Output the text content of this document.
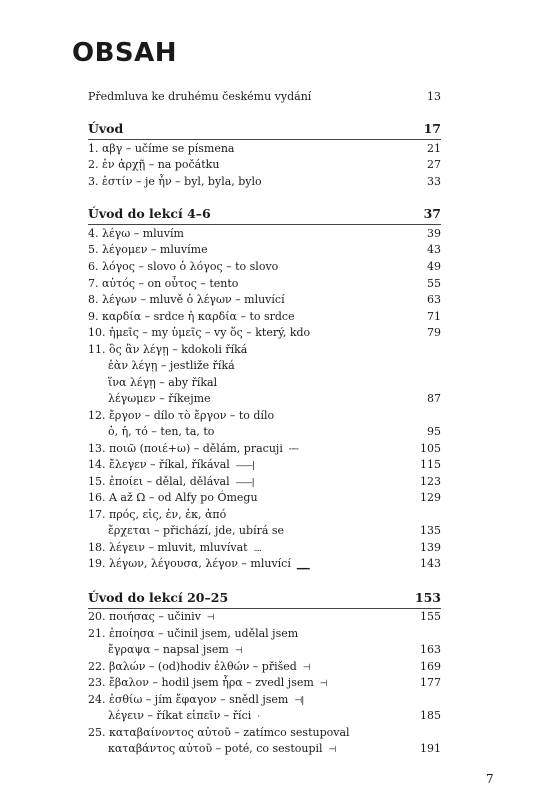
OBSAH
Předmluva ke druhému českému vydání	13
Úvod	17
1. αβγ – učíme se písmena	21
2. ἐν ἀρχῇ – na počátku	27
3. ἐστίν – je ἦν – byl, byla, bylo	33
Úvod do lekcí 4–6	37
4. λέγω – mluvím	39
5. λέγομεν – mluvíme	43
6. λόγος – slovo ὁ λόγος – to slovo	49
7. αὐτός – on οὗτος – tento	55
8. λέγων – mluvě ὁ λέγων – mluvící	63
9. καρδία – srdce ἡ καρδία – to srdce	71
10. ἡμεῖς – my ὑμεῖς – vy ὅς – který, kdo	79
11. ὃς ἂν λέγῃ – kdokoli říká
ἐὰν λέγῃ – jestliže říká
ἵνα λέγῃ – aby říkal
λέγωμεν – říkejme	87
12. ἔργον – dílo τὸ ἔργον – to dílo
ὁ, ἡ, τό – ten, ta, to	95
13. ποιῶ (ποιέ+ω) – dělám, pracuji ╌╌	105
14. ἔλεγεν – říkal, říkával ——|	115
15. ἐποίει – dělal, dělával ——|	123
16. A až Ω – od Alfy po Ómegu	129
17. πρός, εἰς, ἐν, ἐκ, ἀπό
ἔρχεται – přichází, jde, ubírá se	135
18. λέγειν – mluvit, mluvívat ....	139
19. λέγων, λέγουσα, λέγον – mluvící ▁▁	143
Úvod do lekcí 20–25	153
20. ποιήσας – učiniv ⊣	155
21. ἐποίησα – učinil jsem, udělal jsem
ἔγραψα – napsal jsem ⊣	163
22. βαλών – (od)hodiv ἐλθών – přišed ⊣	169
23. ἔβαλον – hodil jsem ἦρα – zvedl jsem ⊣	177
24. ἐσθίω – jím ἔφαγον – snědl jsem ⊣|
λέγειν – říkat εἰπεῖν – říci ·	185
25. καταβαίνοντος αὐτοῦ – zatímco sestupoval
καταβάντος αὐτοῦ – poté, co sestoupil ⊣	191
7
